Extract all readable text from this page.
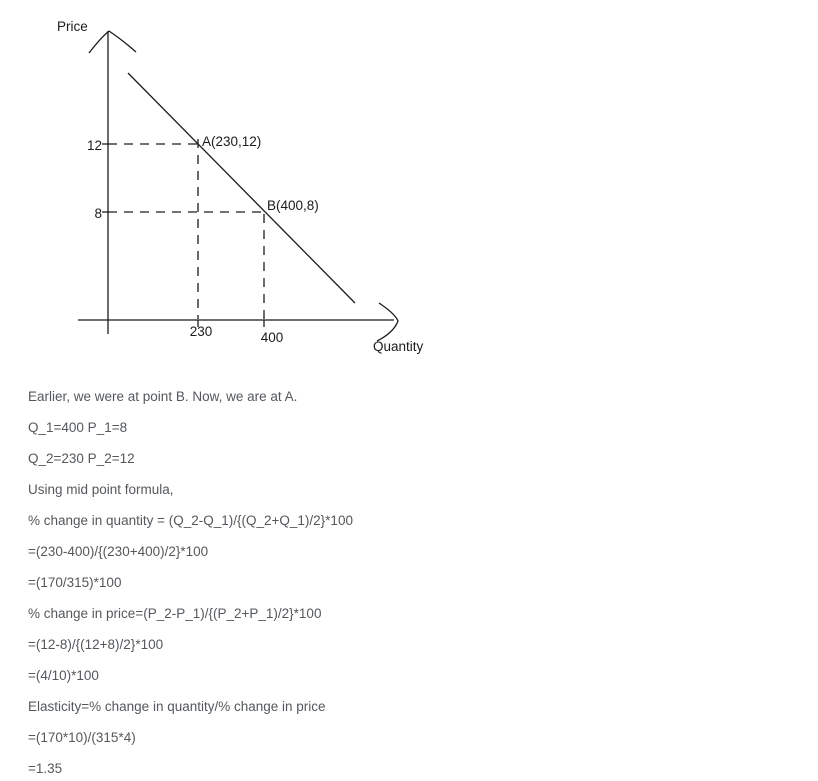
Price
Quantity
12
8
230	400
A(230,12)
B(400,8)

Earlier, we were at point B. Now, we are at A.

Q_1=400 P_1=8

Q_2=230 P_2=12

Using mid point formula,

% change in quantity = (Q_2-Q_1)/{(Q_2+Q_1)/2}*100

=(230-400)/{(230+400)/2}*100

=(170/315)*100

% change in price=(P_2-P_1)/{(P_2+P_1)/2}*100

=(12-8)/{(12+8)/2}*100

=(4/10)*100

Elasticity=% change in quantity/% change in price

=(170*10)/(315*4)

=1.35
